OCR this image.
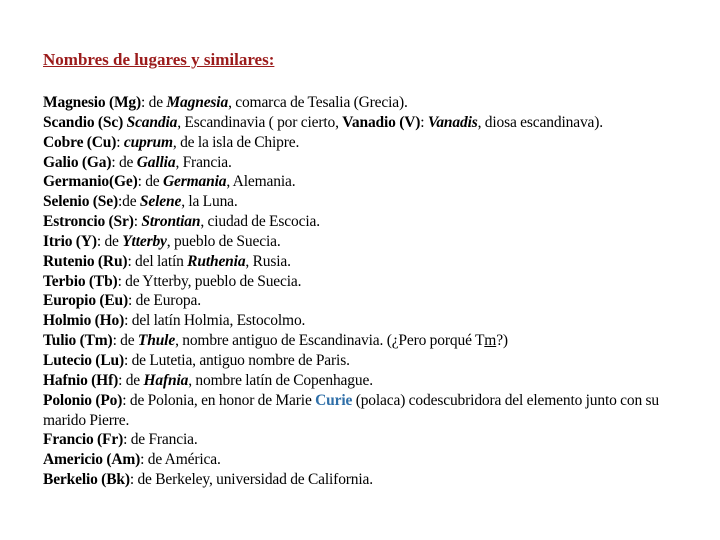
Nombres de lugares y similares:
Magnesio (Mg): de Magnesia, comarca de Tesalia (Grecia).
Scandio (Sc) Scandia, Escandinavia ( por cierto, Vanadio (V): Vanadis, diosa escandinava).
Cobre (Cu): cuprum, de la isla de Chipre.
Galio (Ga): de Gallia, Francia.
Germanio(Ge): de Germania, Alemania.
Selenio (Se):de Selene, la Luna.
Estroncio (Sr): Strontian, ciudad de Escocia.
Itrio (Y): de Ytterby, pueblo de Suecia.
Rutenio (Ru): del latín Ruthenia, Rusia.
Terbio (Tb): de Ytterby, pueblo de Suecia.
Europio (Eu): de Europa.
Holmio (Ho): del latín Holmia, Estocolmo.
Tulio (Tm): de Thule, nombre antiguo de Escandinavia. (¿Pero porqué Tm?)
Lutecio (Lu): de Lutetia, antiguo nombre de Paris.
Hafnio (Hf): de Hafnia, nombre latín de Copenhague.
Polonio (Po): de Polonia, en honor de Marie Curie (polaca) codescubridora del elemento junto con su marido Pierre.
Francio (Fr): de Francia.
Americio (Am): de América.
Berkelio (Bk): de Berkeley, universidad de California.
